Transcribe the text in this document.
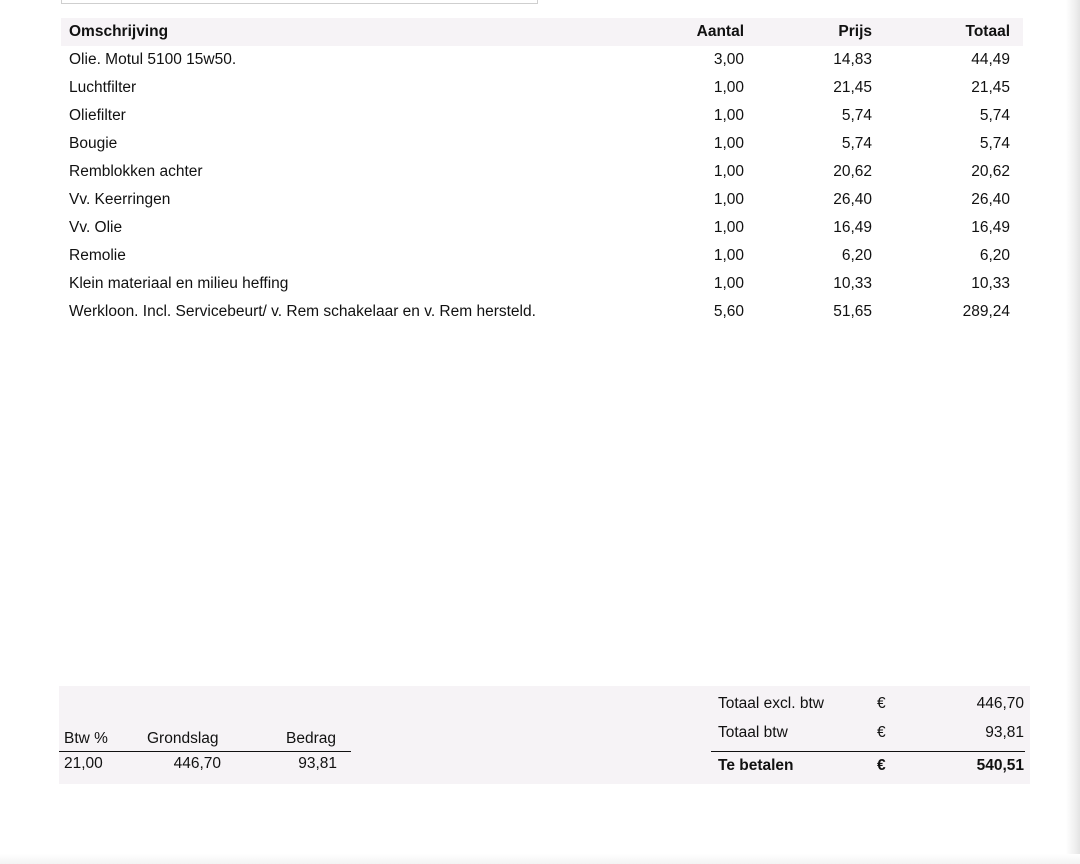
Omschrijving	Aantal	Prijs	Totaal
Olie. Motul 5100 15w50.	3,00	14,83	44,49
Luchtfilter	1,00	21,45	21,45
Oliefilter	1,00	5,74	5,74
Bougie	1,00	5,74	5,74
Remblokken achter	1,00	20,62	20,62
Vv. Keerringen	1,00	26,40	26,40
Vv. Olie	1,00	16,49	16,49
Remolie	1,00	6,20	6,20
Klein materiaal en milieu heffing	1,00	10,33	10,33
Werkloon. Incl. Servicebeurt/ v. Rem schakelaar en v. Rem hersteld.	5,60	51,65	289,24
Btw %	Grondslag	Bedrag
21,00	446,70	93,81
Totaal excl. btw	€	446,70
Totaal btw	€	93,81
Te betalen	€	540,51
